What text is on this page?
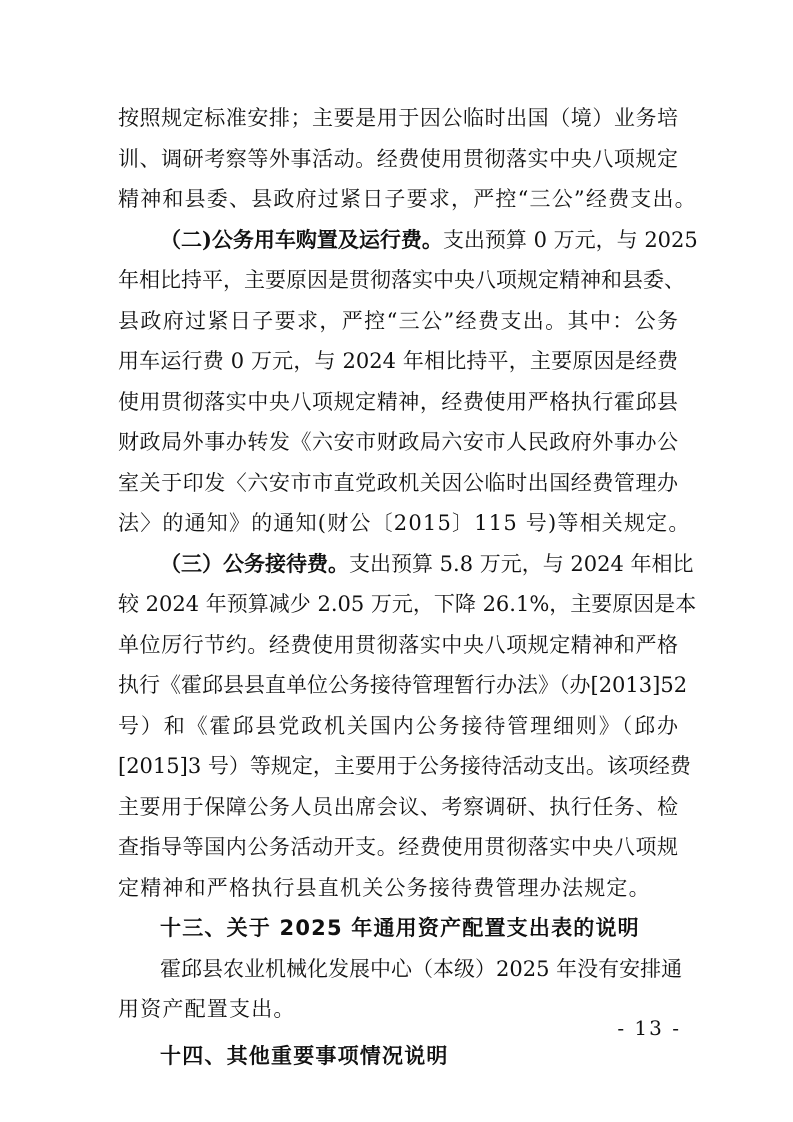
按照规定标准安排；主要是用于因公临时出国（境）业务培
训、调研考察等外事活动。经费使用贯彻落实中央八项规定
精神和县委、县政府过紧日子要求，严控“三公”经费支出。
（二)公务用车购置及运行费。支出预算 0 万元，与 2025
年相比持平，主要原因是贯彻落实中央八项规定精神和县委、
县政府过紧日子要求，严控“三公”经费支出。其中：公务
用车运行费 0 万元，与 2024 年相比持平，主要原因是经费
使用贯彻落实中央八项规定精神，经费使用严格执行霍邱县
财政局外事办转发《六安市财政局六安市人民政府外事办公
室关于印发〈六安市市直党政机关因公临时出国经费管理办
法〉的通知》的通知(财公〔2015〕115 号)等相关规定。
（三）公务接待费。支出预算 5.8 万元，与 2024 年相比
较 2024 年预算减少 2.05 万元，下降 26.1%，主要原因是本
单位厉行节约。经费使用贯彻落实中央八项规定精神和严格
执行《霍邱县县直单位公务接待管理暂行办法》（办[2013]52
号）和《霍邱县党政机关国内公务接待管理细则》（邱办
[2015]3 号）等规定，主要用于公务接待活动支出。该项经费
主要用于保障公务人员出席会议、考察调研、执行任务、检
查指导等国内公务活动开支。经费使用贯彻落实中央八项规
定精神和严格执行县直机关公务接待费管理办法规定。
十三、关于 2025 年通用资产配置支出表的说明
霍邱县农业机械化发展中心（本级）2025 年没有安排通
用资产配置支出。
十四、其他重要事项情况说明
- 13 -
